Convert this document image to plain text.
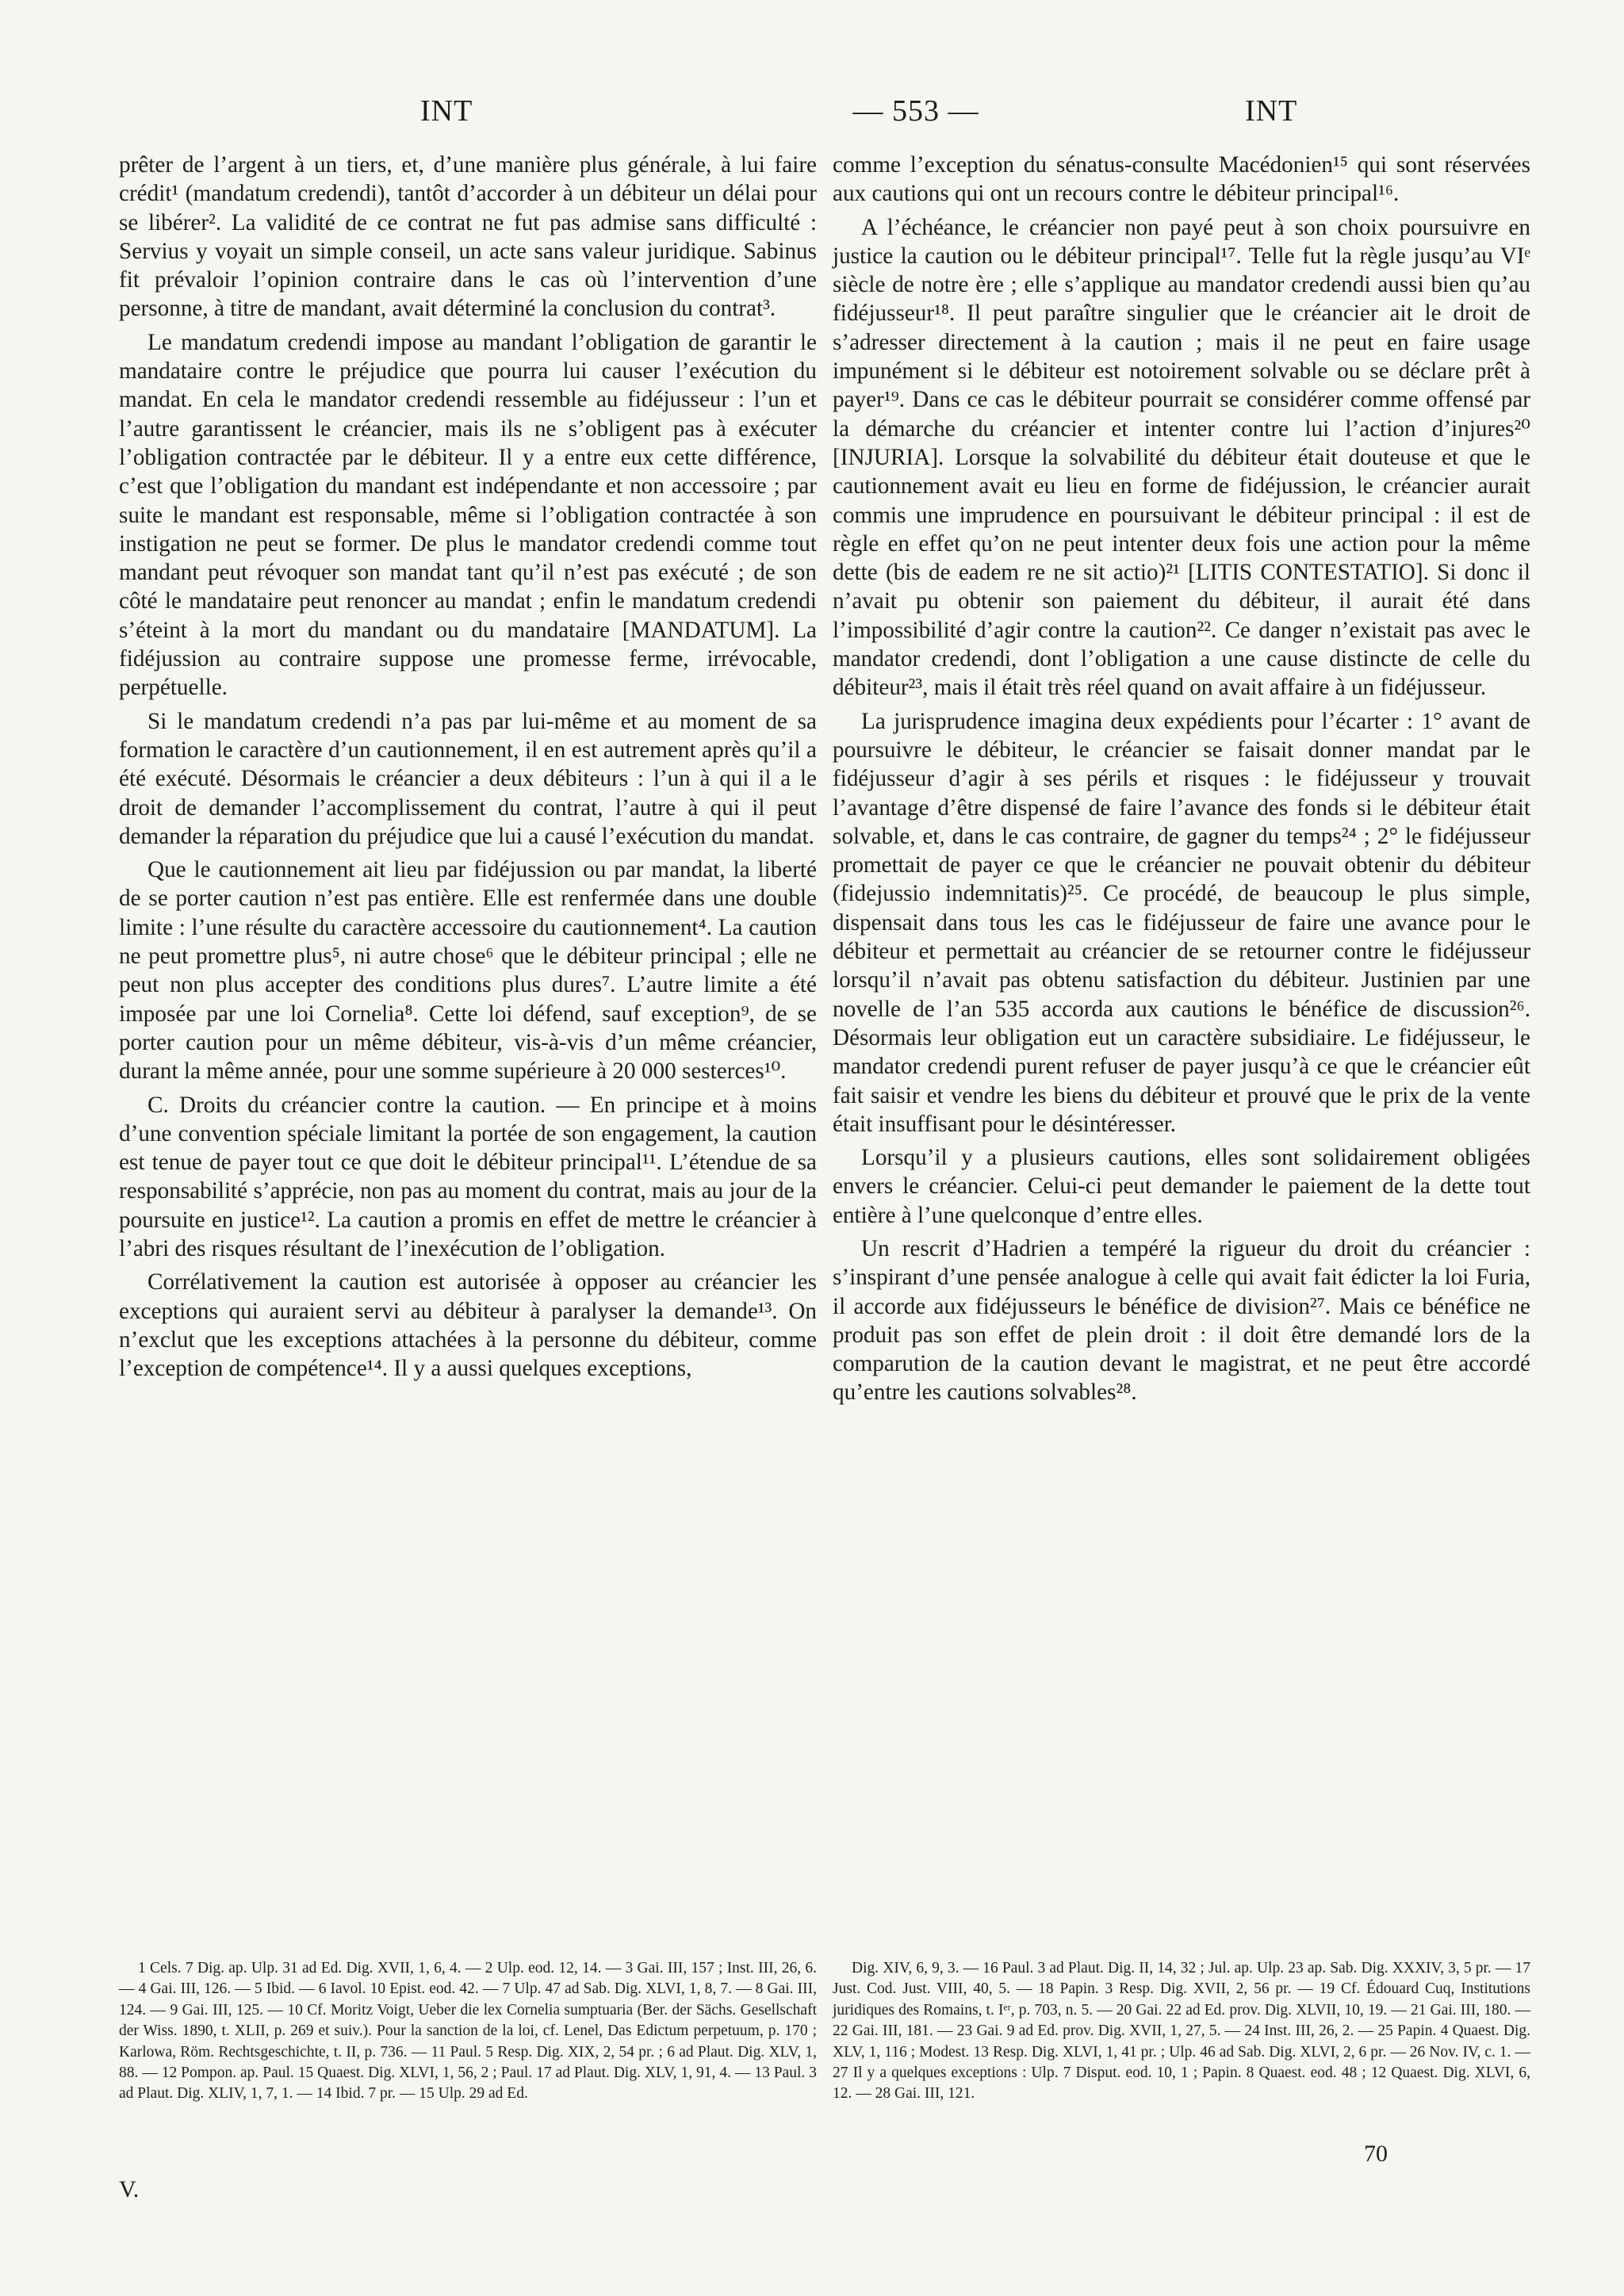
INT	— 553 —	INT

prêter de l’argent à un tiers, et, d’une manière plus générale, à lui faire crédit¹ (mandatum credendi), tantôt d’accorder à un débiteur un délai pour se libérer². La validité de ce contrat ne fut pas admise sans difficulté : Servius y voyait un simple conseil, un acte sans valeur juridique. Sabinus fit prévaloir l’opinion contraire dans le cas où l’intervention d’une personne, à titre de mandant, avait déterminé la conclusion du contrat³.

Le mandatum credendi impose au mandant l’obligation de garantir le mandataire contre le préjudice que pourra lui causer l’exécution du mandat. En cela le mandator credendi ressemble au fidéjusseur : l’un et l’autre garantissent le créancier, mais ils ne s’obligent pas à exécuter l’obligation contractée par le débiteur. Il y a entre eux cette différence, c’est que l’obligation du mandant est indépendante et non accessoire ; par suite le mandant est responsable, même si l’obligation contractée à son instigation ne peut se former. De plus le mandator credendi comme tout mandant peut révoquer son mandat tant qu’il n’est pas exécuté ; de son côté le mandataire peut renoncer au mandat ; enfin le mandatum credendi s’éteint à la mort du mandant ou du mandataire [MANDATUM]. La fidéjussion au contraire suppose une promesse ferme, irrévocable, perpétuelle.

Si le mandatum credendi n’a pas par lui-même et au moment de sa formation le caractère d’un cautionnement, il en est autrement après qu’il a été exécuté. Désormais le créancier a deux débiteurs : l’un à qui il a le droit de demander l’accomplissement du contrat, l’autre à qui il peut demander la réparation du préjudice que lui a causé l’exécution du mandat.

Que le cautionnement ait lieu par fidéjussion ou par mandat, la liberté de se porter caution n’est pas entière. Elle est renfermée dans une double limite : l’une résulte du caractère accessoire du cautionnement⁴. La caution ne peut promettre plus⁵, ni autre chose⁶ que le débiteur principal ; elle ne peut non plus accepter des conditions plus dures⁷. L’autre limite a été imposée par une loi Cornelia⁸. Cette loi défend, sauf exception⁹, de se porter caution pour un même débiteur, vis-à-vis d’un même créancier, durant la même année, pour une somme supérieure à 20 000 sesterces¹⁰.

C. Droits du créancier contre la caution. — En principe et à moins d’une convention spéciale limitant la portée de son engagement, la caution est tenue de payer tout ce que doit le débiteur principal¹¹. L’étendue de sa responsabilité s’apprécie, non pas au moment du contrat, mais au jour de la poursuite en justice¹². La caution a promis en effet de mettre le créancier à l’abri des risques résultant de l’inexécution de l’obligation.

Corrélativement la caution est autorisée à opposer au créancier les exceptions qui auraient servi au débiteur à paralyser la demande¹³. On n’exclut que les exceptions attachées à la personne du débiteur, comme l’exception de compétence¹⁴. Il y a aussi quelques exceptions,

comme l’exception du sénatus-consulte Macédonien¹⁵ qui sont réservées aux cautions qui ont un recours contre le débiteur principal¹⁶.

A l’échéance, le créancier non payé peut à son choix poursuivre en justice la caution ou le débiteur principal¹⁷. Telle fut la règle jusqu’au VIᵉ siècle de notre ère ; elle s’applique au mandator credendi aussi bien qu’au fidéjusseur¹⁸. Il peut paraître singulier que le créancier ait le droit de s’adresser directement à la caution ; mais il ne peut en faire usage impunément si le débiteur est notoirement solvable ou se déclare prêt à payer¹⁹. Dans ce cas le débiteur pourrait se considérer comme offensé par la démarche du créancier et intenter contre lui l’action d’injures²⁰ [INJURIA]. Lorsque la solvabilité du débiteur était douteuse et que le cautionnement avait eu lieu en forme de fidéjussion, le créancier aurait commis une imprudence en poursuivant le débiteur principal : il est de règle en effet qu’on ne peut intenter deux fois une action pour la même dette (bis de eadem re ne sit actio)²¹ [LITIS CONTESTATIO]. Si donc il n’avait pu obtenir son paiement du débiteur, il aurait été dans l’impossibilité d’agir contre la caution²². Ce danger n’existait pas avec le mandator credendi, dont l’obligation a une cause distincte de celle du débiteur²³, mais il était très réel quand on avait affaire à un fidéjusseur.

La jurisprudence imagina deux expédients pour l’écarter : 1° avant de poursuivre le débiteur, le créancier se faisait donner mandat par le fidéjusseur d’agir à ses périls et risques : le fidéjusseur y trouvait l’avantage d’être dispensé de faire l’avance des fonds si le débiteur était solvable, et, dans le cas contraire, de gagner du temps²⁴ ; 2° le fidéjusseur promettait de payer ce que le créancier ne pouvait obtenir du débiteur (fidejussio indemnitatis)²⁵. Ce procédé, de beaucoup le plus simple, dispensait dans tous les cas le fidéjusseur de faire une avance pour le débiteur et permettait au créancier de se retourner contre le fidéjusseur lorsqu’il n’avait pas obtenu satisfaction du débiteur. Justinien par une novelle de l’an 535 accorda aux cautions le bénéfice de discussion²⁶. Désormais leur obligation eut un caractère subsidiaire. Le fidéjusseur, le mandator credendi purent refuser de payer jusqu’à ce que le créancier eût fait saisir et vendre les biens du débiteur et prouvé que le prix de la vente était insuffisant pour le désintéresser.

Lorsqu’il y a plusieurs cautions, elles sont solidairement obligées envers le créancier. Celui-ci peut demander le paiement de la dette tout entière à l’une quelconque d’entre elles.

Un rescrit d’Hadrien a tempéré la rigueur du droit du créancier : s’inspirant d’une pensée analogue à celle qui avait fait édicter la loi Furia, il accorde aux fidéjusseurs le bénéfice de division²⁷. Mais ce bénéfice ne produit pas son effet de plein droit : il doit être demandé lors de la comparution de la caution devant le magistrat, et ne peut être accordé qu’entre les cautions solvables²⁸.

1 Cels. 7 Dig. ap. Ulp. 31 ad Ed. Dig. XVII, 1, 6, 4. — 2 Ulp. eod. 12, 14. — 3 Gai. III, 157 ; Inst. III, 26, 6. — 4 Gai. III, 126. — 5 Ibid. — 6 Iavol. 10 Epist. eod. 42. — 7 Ulp. 47 ad Sab. Dig. XLVI, 1, 8, 7. — 8 Gai. III, 124. — 9 Gai. III, 125. — 10 Cf. Moritz Voigt, Ueber die lex Cornelia sumptuaria (Ber. der Sächs. Gesellschaft der Wiss. 1890, t. XLII, p. 269 et suiv.). Pour la sanction de la loi, cf. Lenel, Das Edictum perpetuum, p. 170 ; Karlowa, Röm. Rechtsgeschichte, t. II, p. 736. — 11 Paul. 5 Resp. Dig. XIX, 2, 54 pr. ; 6 ad Plaut. Dig. XLV, 1, 88. — 12 Pompon. ap. Paul. 15 Quaest. Dig. XLVI, 1, 56, 2 ; Paul. 17 ad Plaut. Dig. XLV, 1, 91, 4. — 13 Paul. 3 ad Plaut. Dig. XLIV, 1, 7, 1. — 14 Ibid. 7 pr. — 15 Ulp. 29 ad Ed.

Dig. XIV, 6, 9, 3. — 16 Paul. 3 ad Plaut. Dig. II, 14, 32 ; Jul. ap. Ulp. 23 ap. Sab. Dig. XXXIV, 3, 5 pr. — 17 Just. Cod. Just. VIII, 40, 5. — 18 Papin. 3 Resp. Dig. XVII, 2, 56 pr. — 19 Cf. Édouard Cuq, Institutions juridiques des Romains, t. Iᵉʳ, p. 703, n. 5. — 20 Gai. 22 ad Ed. prov. Dig. XLVII, 10, 19. — 21 Gai. III, 180. — 22 Gai. III, 181. — 23 Gai. 9 ad Ed. prov. Dig. XVII, 1, 27, 5. — 24 Inst. III, 26, 2. — 25 Papin. 4 Quaest. Dig. XLV, 1, 116 ; Modest. 13 Resp. Dig. XLVI, 1, 41 pr. ; Ulp. 46 ad Sab. Dig. XLVI, 2, 6 pr. — 26 Nov. IV, c. 1. — 27 Il y a quelques exceptions : Ulp. 7 Disput. eod. 10, 1 ; Papin. 8 Quaest. eod. 48 ; 12 Quaest. Dig. XLVI, 6, 12. — 28 Gai. III, 121.

V.
70
